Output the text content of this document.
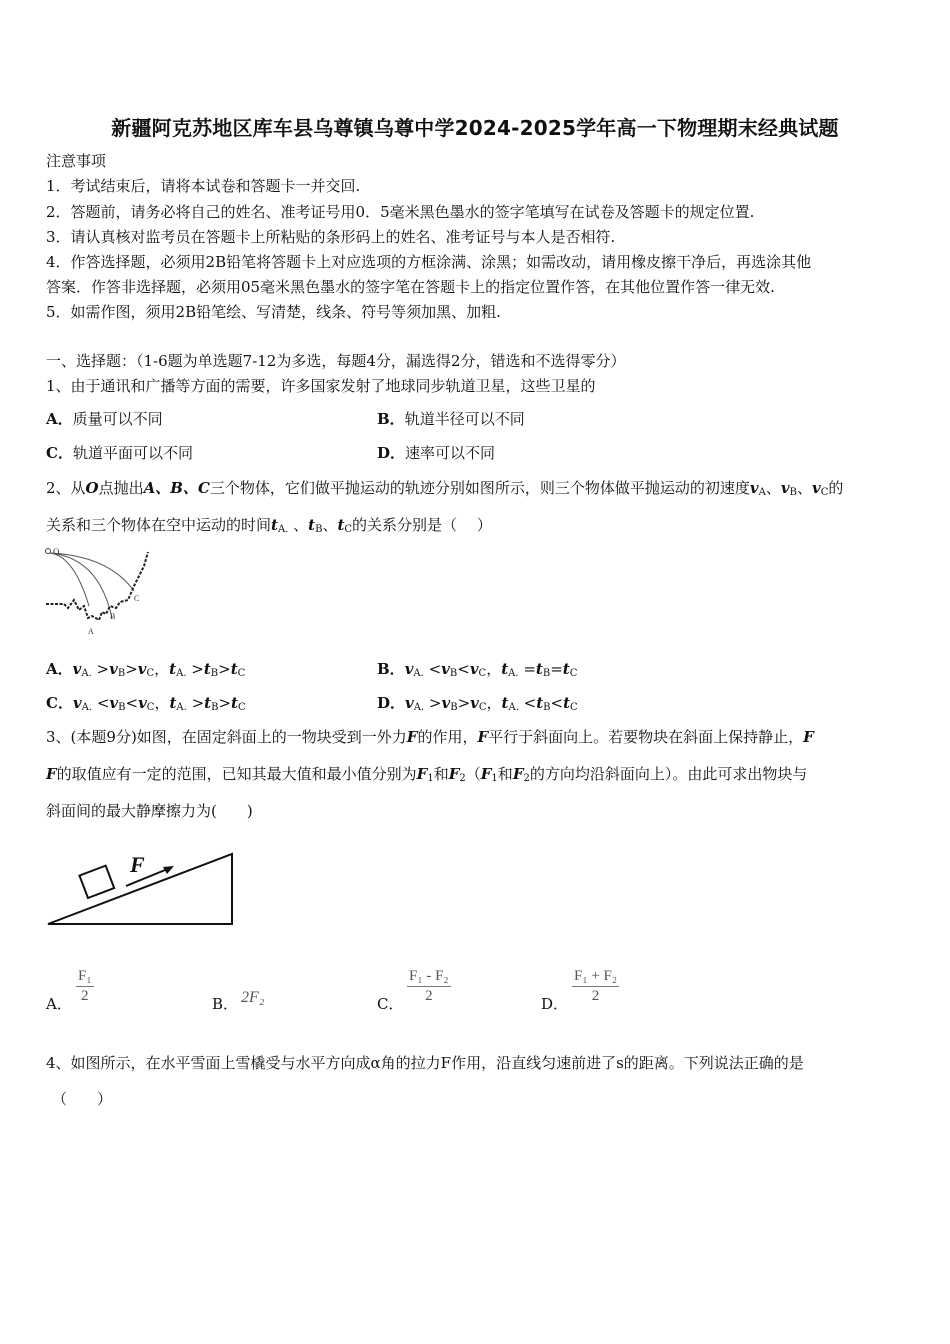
新疆阿克苏地区库车县乌尊镇乌尊中学2024-2025学年高一下物理期末经典试题
注意事项
1．考试结束后，请将本试卷和答题卡一并交回.
2．答题前，请务必将自己的姓名、准考证号用0．5毫米黑色墨水的签字笔填写在试卷及答题卡的规定位置.
3．请认真核对监考员在答题卡上所粘贴的条形码上的姓名、准考证号与本人是否相符.
4．作答选择题，必须用2B铅笔将答题卡上对应选项的方框涂满、涂黑；如需改动，请用橡皮擦干净后，再选涂其他
答案．作答非选择题，必须用05毫米黑色墨水的签字笔在答题卡上的指定位置作答，在其他位置作答一律无效.
5．如需作图，须用2B铅笔绘、写清楚，线条、符号等须加黑、加粗.
一、选择题：（1-6题为单选题7-12为多选，每题4分，漏选得2分，错选和不选得零分）
1、由于通讯和广播等方面的需要，许多国家发射了地球同步轨道卫星，这些卫星的
A．质量可以不同	B．轨道半径可以不同
C．轨道平面可以不同	D．速率可以不同
2、从O点抛出A、B、C三个物体，它们做平抛运动的轨迹分别如图所示，则三个物体做平抛运动的初速度$v_A$、$v_B$、$v_C$的
关系和三个物体在空中运动的时间$t_{A.}$ 、$t_B$、$t_C$的关系分别是（　 ）
O
A
B
C
A．$v_{A.} >v_B>v_C$，$t_{A.} >t_B>t_C$	B．$v_{A.} <v_B<v_C$，$t_{A.} =t_B=t_C$
C．$v_{A.} <v_B<v_C$，$t_{A.} >t_B>t_C$	D．$v_{A.} >v_B>v_C$，$t_{A.} <t_B<t_C$
3、(本题9分)如图，在固定斜面上的一物块受到一外力F的作用，F平行于斜面向上。若要物块在斜面上保持静止，F
F的取值应有一定的范围，已知其最大值和最小值分别为$F_1$和$F_2(F_1$和$F_2$的方向均沿斜面向上）。由此可求出物块与
斜面间的最大静摩擦力为(　　)
F
A． $\frac{\text{F₁}}{2}$	B． 2F₂	C． $\frac{\text{F₁ - F₂}}{2}$	D． $\frac{\text{F₁ + F₂}}{2}$
4、如图所示，在水平雪面上雪橇受与水平方向成α角的拉力F作用，沿直线匀速前进了s的距离。下列说法正确的是
（　　）
